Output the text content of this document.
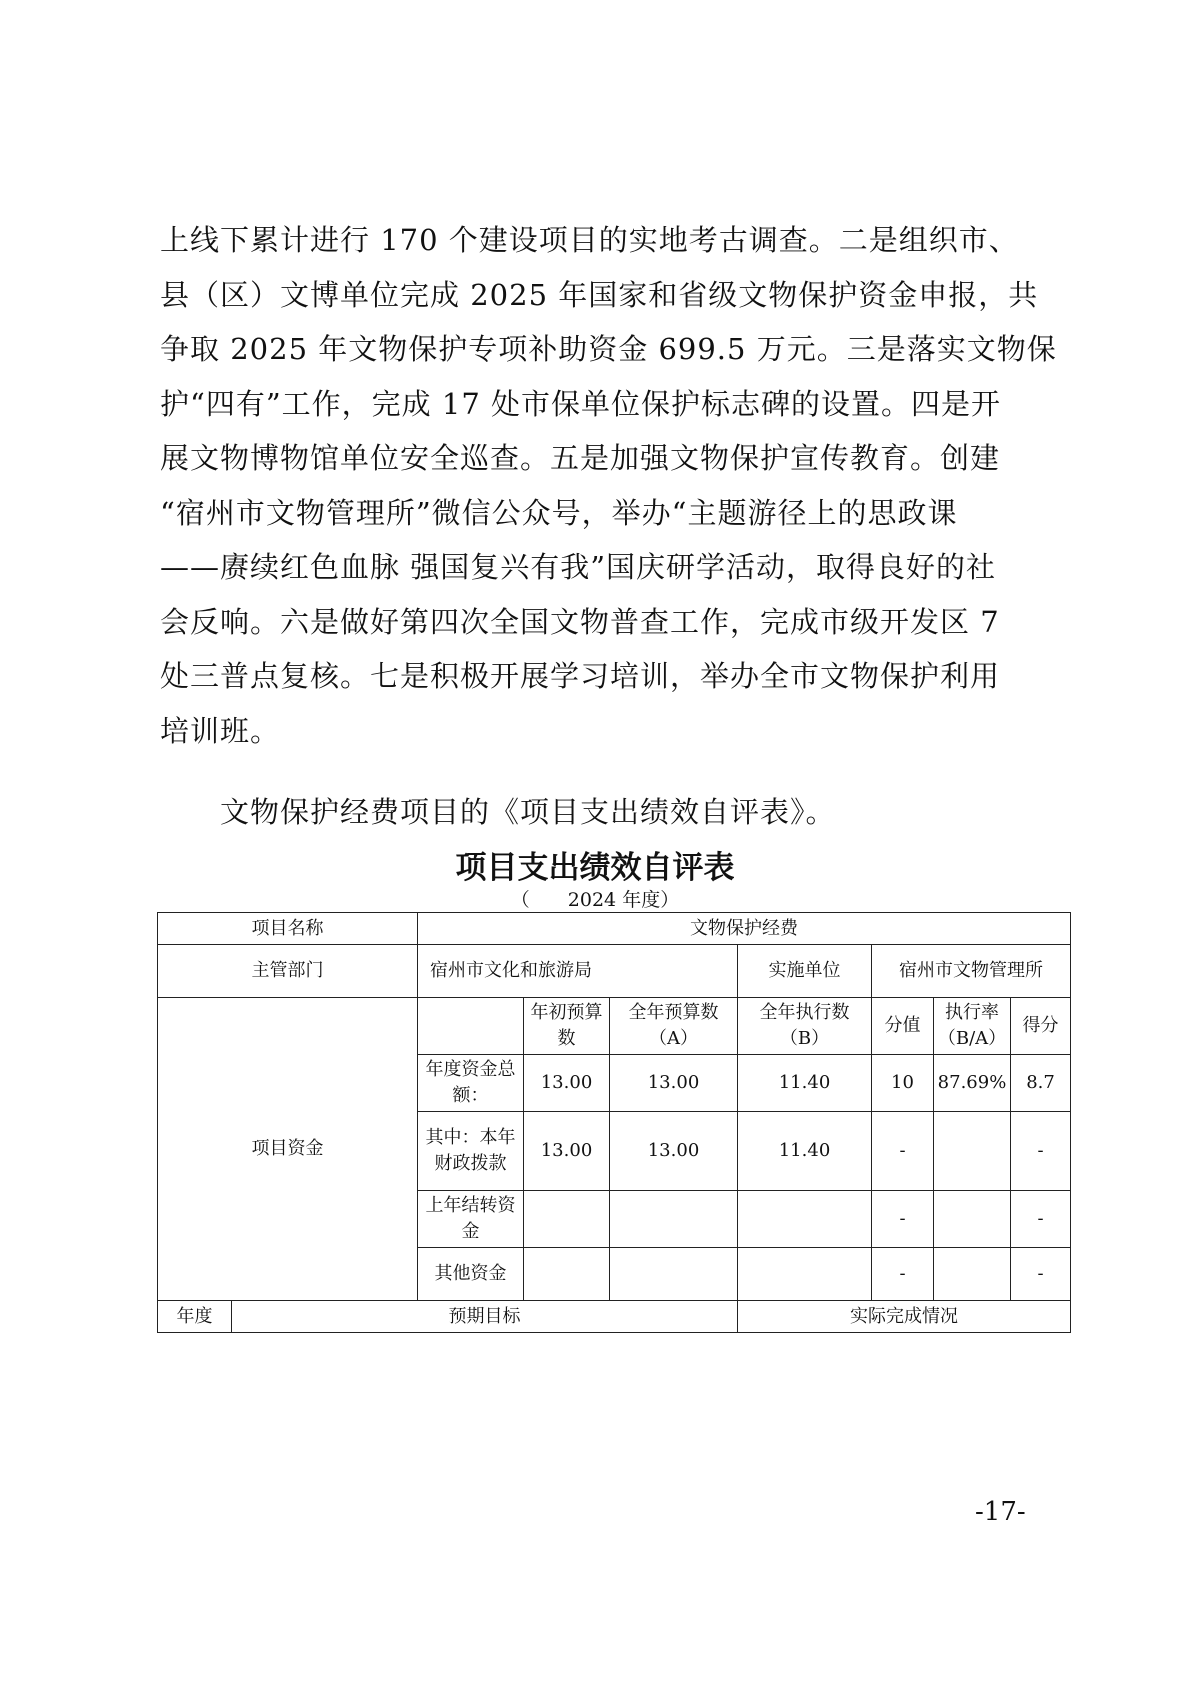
上线下累计进行 170 个建设项目的实地考古调查。二是组织市、
县（区）文博单位完成 2025 年国家和省级文物保护资金申报，共
争取 2025 年文物保护专项补助资金 699.5 万元。三是落实文物保
护“四有”工作，完成 17 处市保单位保护标志碑的设置。四是开
展文物博物馆单位安全巡查。五是加强文物保护宣传教育。创建
“宿州市文物管理所”微信公众号，举办“主题游径上的思政课
——赓续红色血脉 强国复兴有我”国庆研学活动，取得良好的社
会反响。六是做好第四次全国文物普查工作，完成市级开发区 7
处三普点复核。七是积极开展学习培训，举办全市文物保护利用
培训班。

文物保护经费项目的《项目支出绩效自评表》。

项目支出绩效自评表

（　　2024 年度）

项目名称		文物保护经费						
主管部门		宿州市文化和旅游局			实施单位	宿州市文物管理所		
项目资金			年初预算数	全年预算数（A）	全年执行数（B）	分值	执行率（B/A）	得分
		年度资金总额：	13.00	13.00	11.40	10	87.69%	8.7
		其中：本年财政拨款	13.00	13.00	11.40	-		-
		上年结转资金				-		-
		其他资金				-		-
年度	预期目标				实际完成情况			

-17-
